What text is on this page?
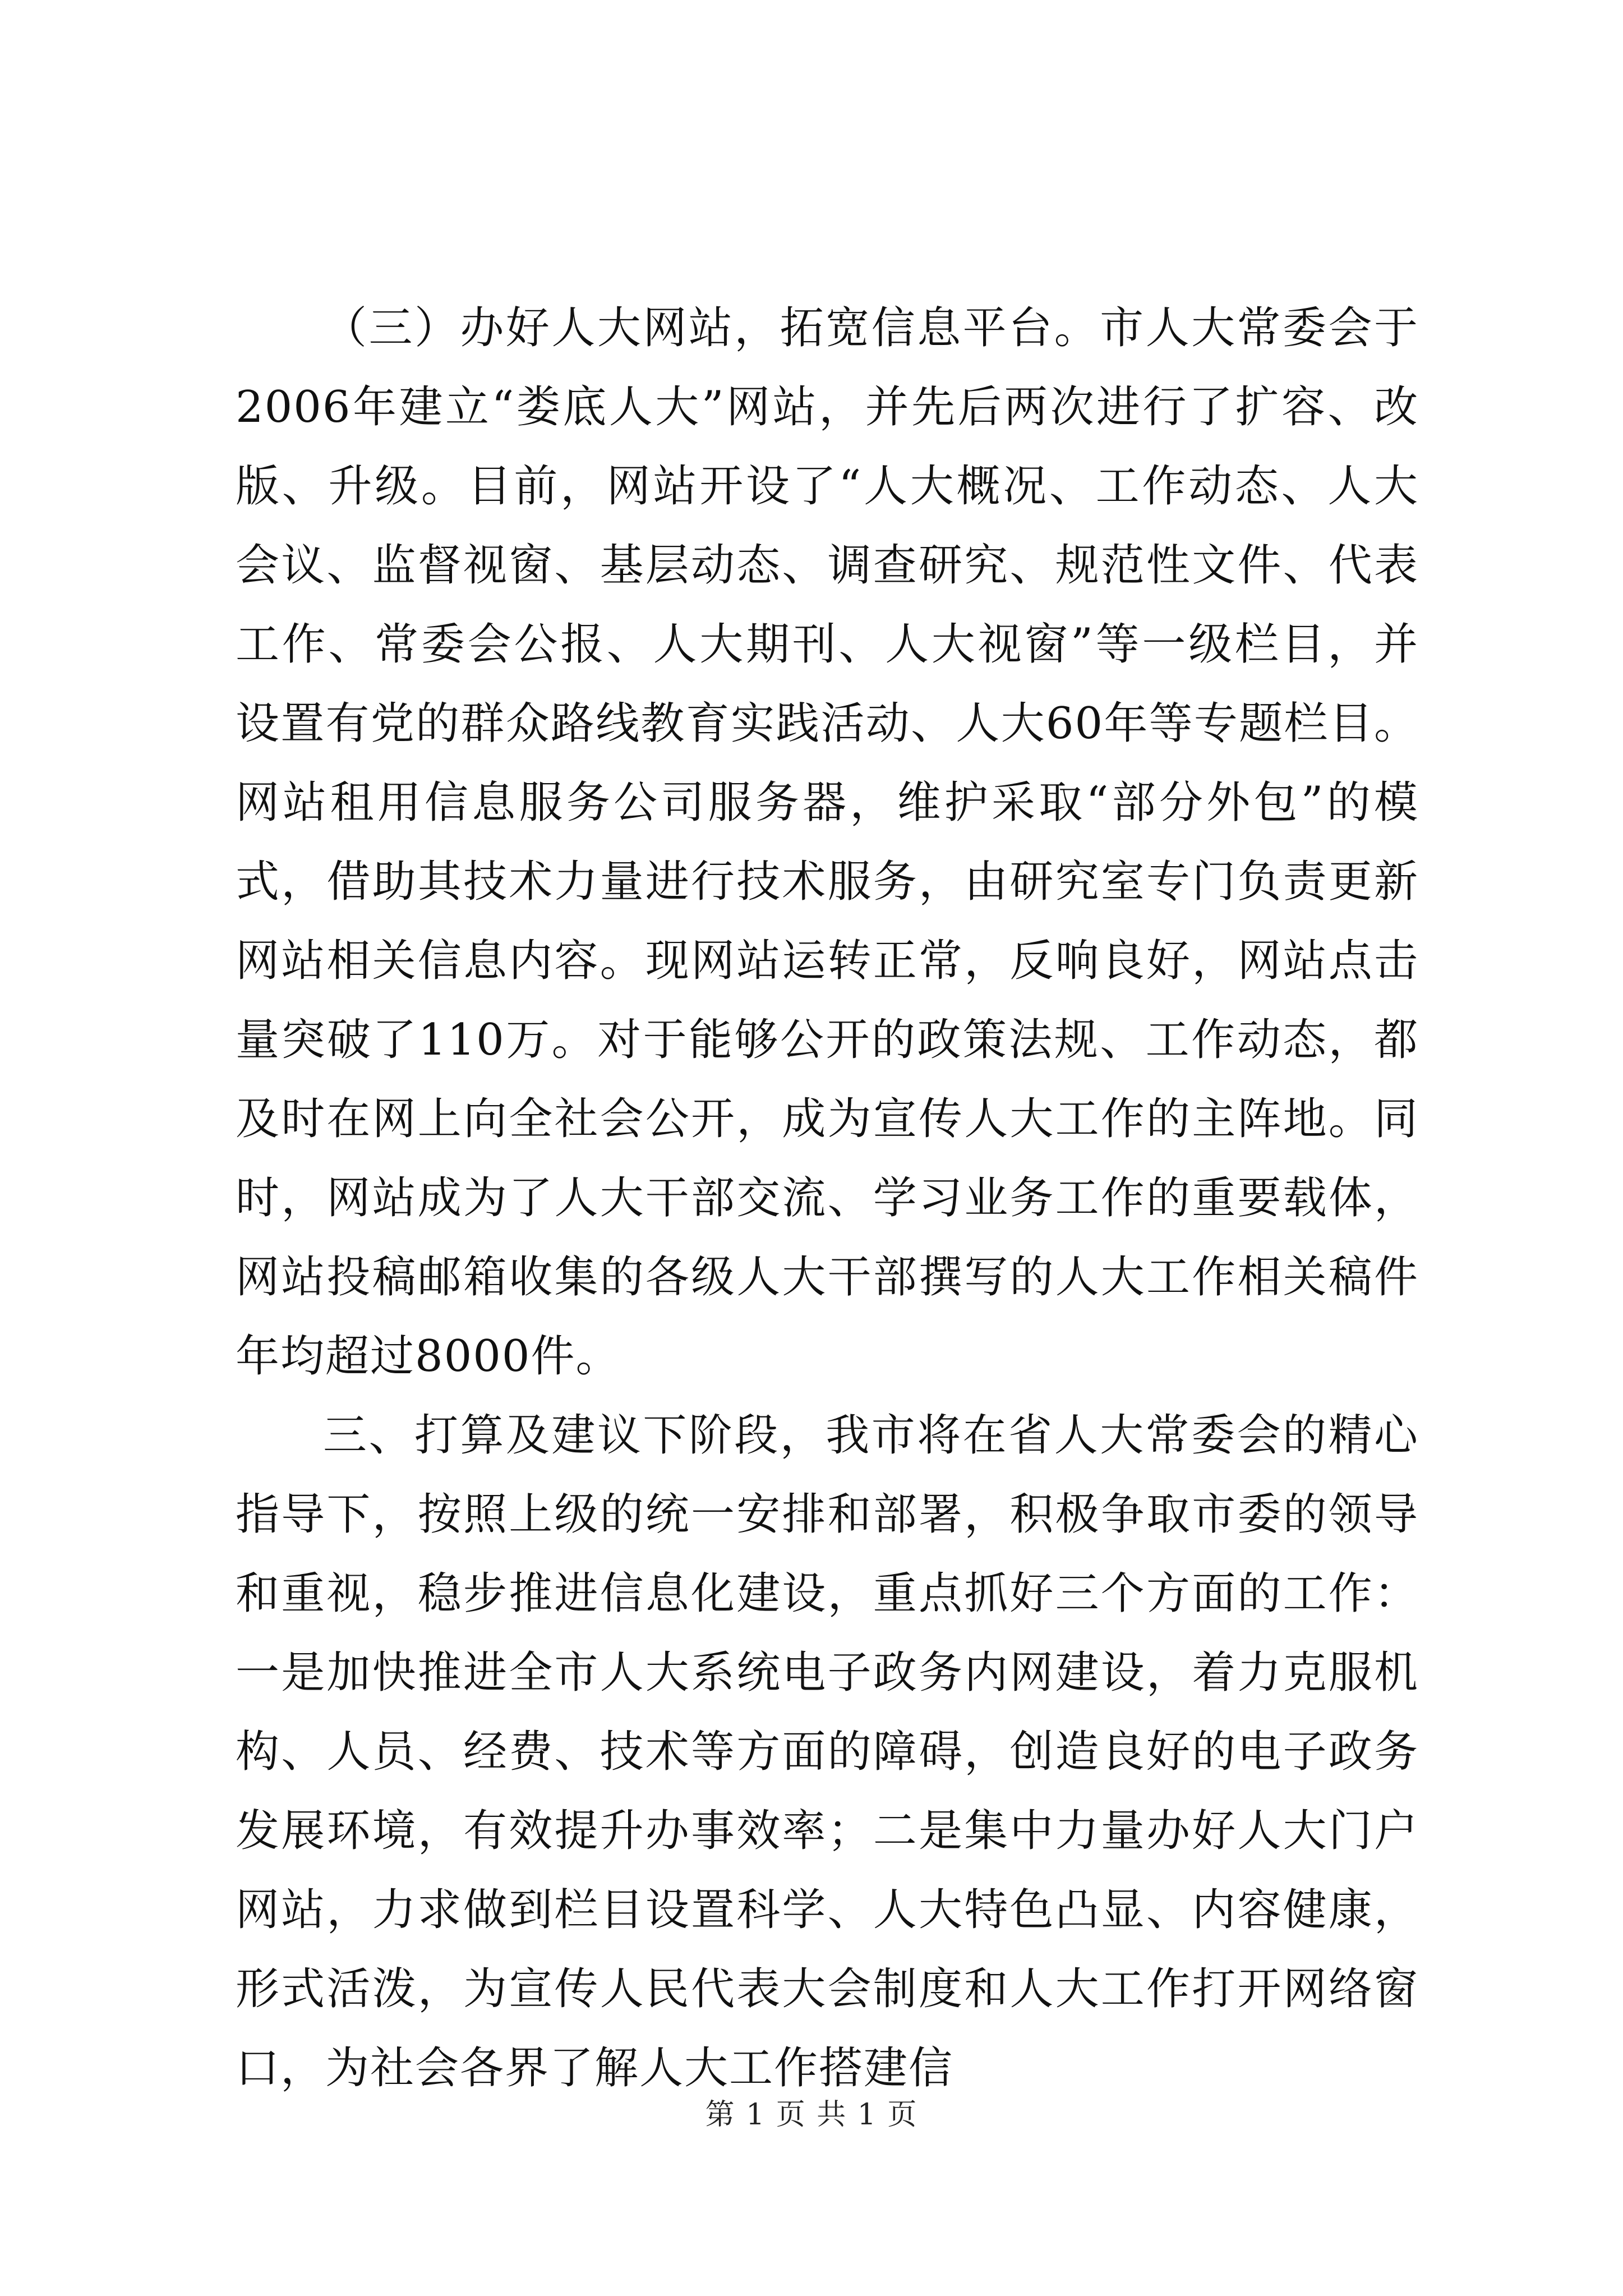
（三）办好人大网站，拓宽信息平台。市人大常委会于2006年建立“娄底人大”网站，并先后两次进行了扩容、改版、升级。目前，网站开设了“人大概况、工作动态、人大会议、监督视窗、基层动态、调查研究、规范性文件、代表工作、常委会公报、人大期刊、人大视窗”等一级栏目，并设置有党的群众路线教育实践活动、人大60年等专题栏目。网站租用信息服务公司服务器，维护采取“部分外包”的模式，借助其技术力量进行技术服务，由研究室专门负责更新网站相关信息内容。现网站运转正常，反响良好，网站点击量突破了110万。对于能够公开的政策法规、工作动态，都及时在网上向全社会公开，成为宣传人大工作的主阵地。同时，网站成为了人大干部交流、学习业务工作的重要载体，网站投稿邮箱收集的各级人大干部撰写的人大工作相关稿件年均超过8000件。

三、打算及建议下阶段，我市将在省人大常委会的精心指导下，按照上级的统一安排和部署，积极争取市委的领导和重视，稳步推进信息化建设，重点抓好三个方面的工作：一是加快推进全市人大系统电子政务内网建设，着力克服机构、人员、经费、技术等方面的障碍，创造良好的电子政务发展环境，有效提升办事效率；二是集中力量办好人大门户网站，力求做到栏目设置科学、人大特色凸显、内容健康，形式活泼，为宣传人民代表大会制度和人大工作打开网络窗口，为社会各界了解人大工作搭建信

第 1 页 共 1 页
